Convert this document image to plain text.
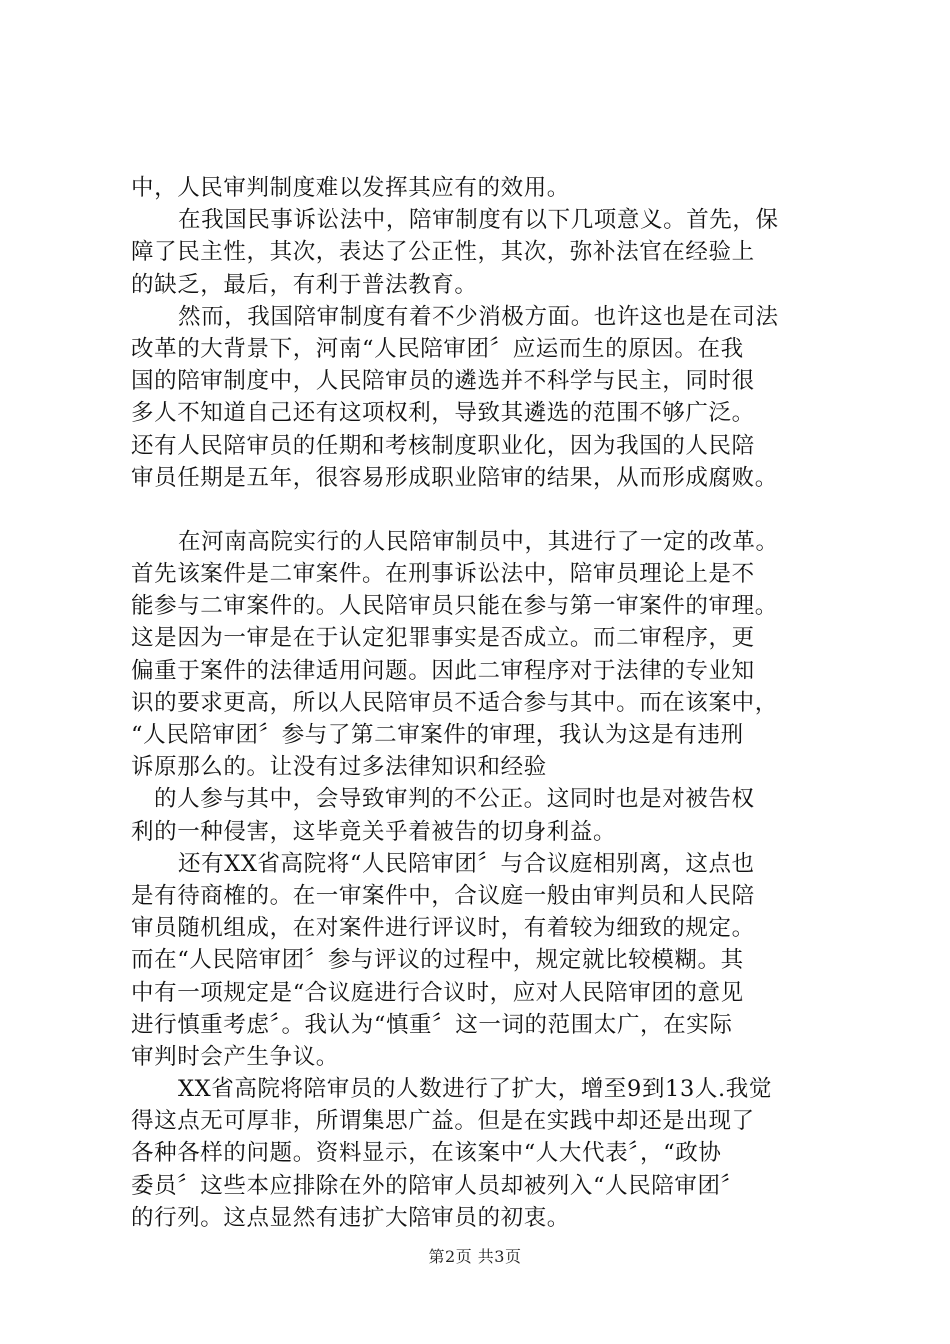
中，人民审判制度难以发挥其应有的效用。
在我国民事诉讼法中，陪审制度有以下几项意义。首先，保
障了民主性，其次，表达了公正性，其次，弥补法官在经验上
的缺乏，最后，有利于普法教育。
然而，我国陪审制度有着不少消极方面。也许这也是在司法
改革的大背景下，河南“人民陪审团〞应运而生的原因。在我
国的陪审制度中，人民陪审员的遴选并不科学与民主，同时很
多人不知道自己还有这项权利，导致其遴选的范围不够广泛。
还有人民陪审员的任期和考核制度职业化，因为我国的人民陪
审员任期是五年，很容易形成职业陪审的结果，从而形成腐败。
在河南高院实行的人民陪审制员中，其进行了一定的改革。
首先该案件是二审案件。在刑事诉讼法中，陪审员理论上是不
能参与二审案件的。人民陪审员只能在参与第一审案件的审理。
这是因为一审是在于认定犯罪事实是否成立。而二审程序，更
偏重于案件的法律适用问题。因此二审程序对于法律的专业知
识的要求更高，所以人民陪审员不适合参与其中。而在该案中，
“人民陪审团〞参与了第二审案件的审理，我认为这是有违刑
诉原那么的。让没有过多法律知识和经验
的人参与其中，会导致审判的不公正。这同时也是对被告权
利的一种侵害，这毕竟关乎着被告的切身利益。
还有XX省高院将“人民陪审团〞与合议庭相别离，这点也
是有待商榷的。在一审案件中，合议庭一般由审判员和人民陪
审员随机组成，在对案件进行评议时，有着较为细致的规定。
而在“人民陪审团〞参与评议的过程中，规定就比较模糊。其
中有一项规定是“合议庭进行合议时，应对人民陪审团的意见
进行慎重考虑〞。我认为“慎重〞这一词的范围太广，在实际
审判时会产生争议。
XX省高院将陪审员的人数进行了扩大，增至9到13人.我觉
得这点无可厚非，所谓集思广益。但是在实践中却还是出现了
各种各样的问题。资料显示，在该案中“人大代表〞，“政协
委员〞这些本应排除在外的陪审人员却被列入“人民陪审团〞
的行列。这点显然有违扩大陪审员的初衷。
第2页 共3页
